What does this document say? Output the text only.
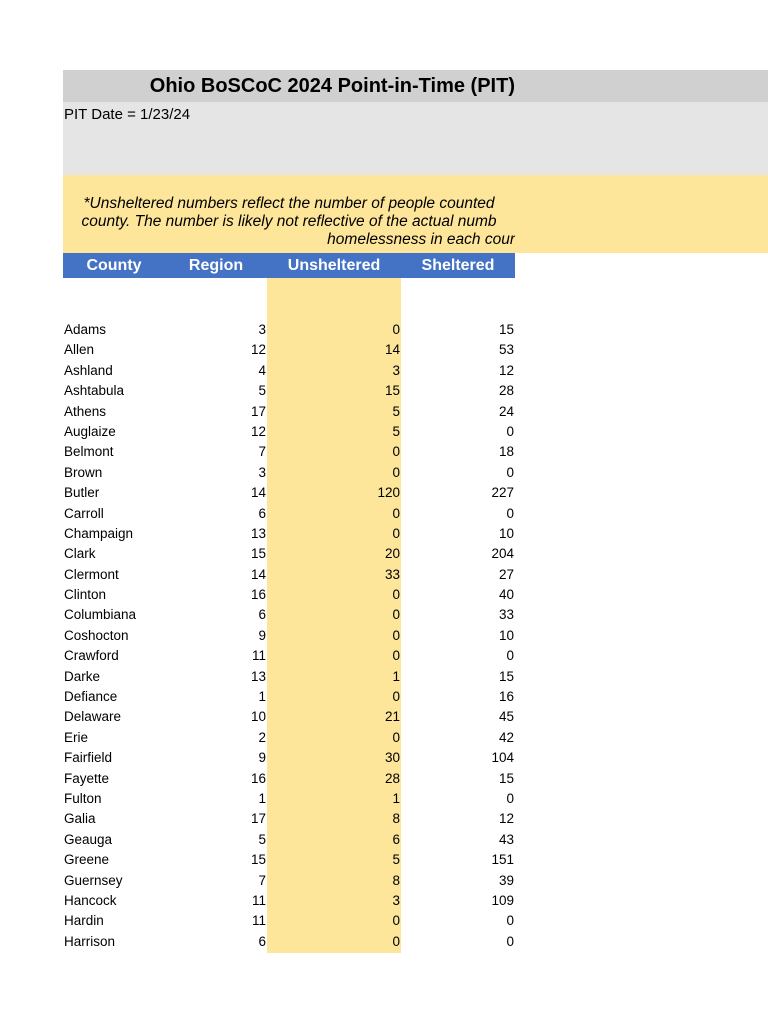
Ohio BoSCoC 2024 Point-in-Time (PIT)
PIT Date = 1/23/24
*Unsheltered numbers reflect the number of people counted
county. The number is likely not reflective of the actual numb
homelessness in each cour
County	Region	Unsheltered	Sheltered
Adams	3	0	15
Allen	12	14	53
Ashland	4	3	12
Ashtabula	5	15	28
Athens	17	5	24
Auglaize	12	5	0
Belmont	7	0	18
Brown	3	0	0
Butler	14	120	227
Carroll	6	0	0
Champaign	13	0	10
Clark	15	20	204
Clermont	14	33	27
Clinton	16	0	40
Columbiana	6	0	33
Coshocton	9	0	10
Crawford	11	0	0
Darke	13	1	15
Defiance	1	0	16
Delaware	10	21	45
Erie	2	0	42
Fairfield	9	30	104
Fayette	16	28	15
Fulton	1	1	0
Galia	17	8	12
Geauga	5	6	43
Greene	15	5	151
Guernsey	7	8	39
Hancock	11	3	109
Hardin	11	0	0
Harrison	6	0	0
